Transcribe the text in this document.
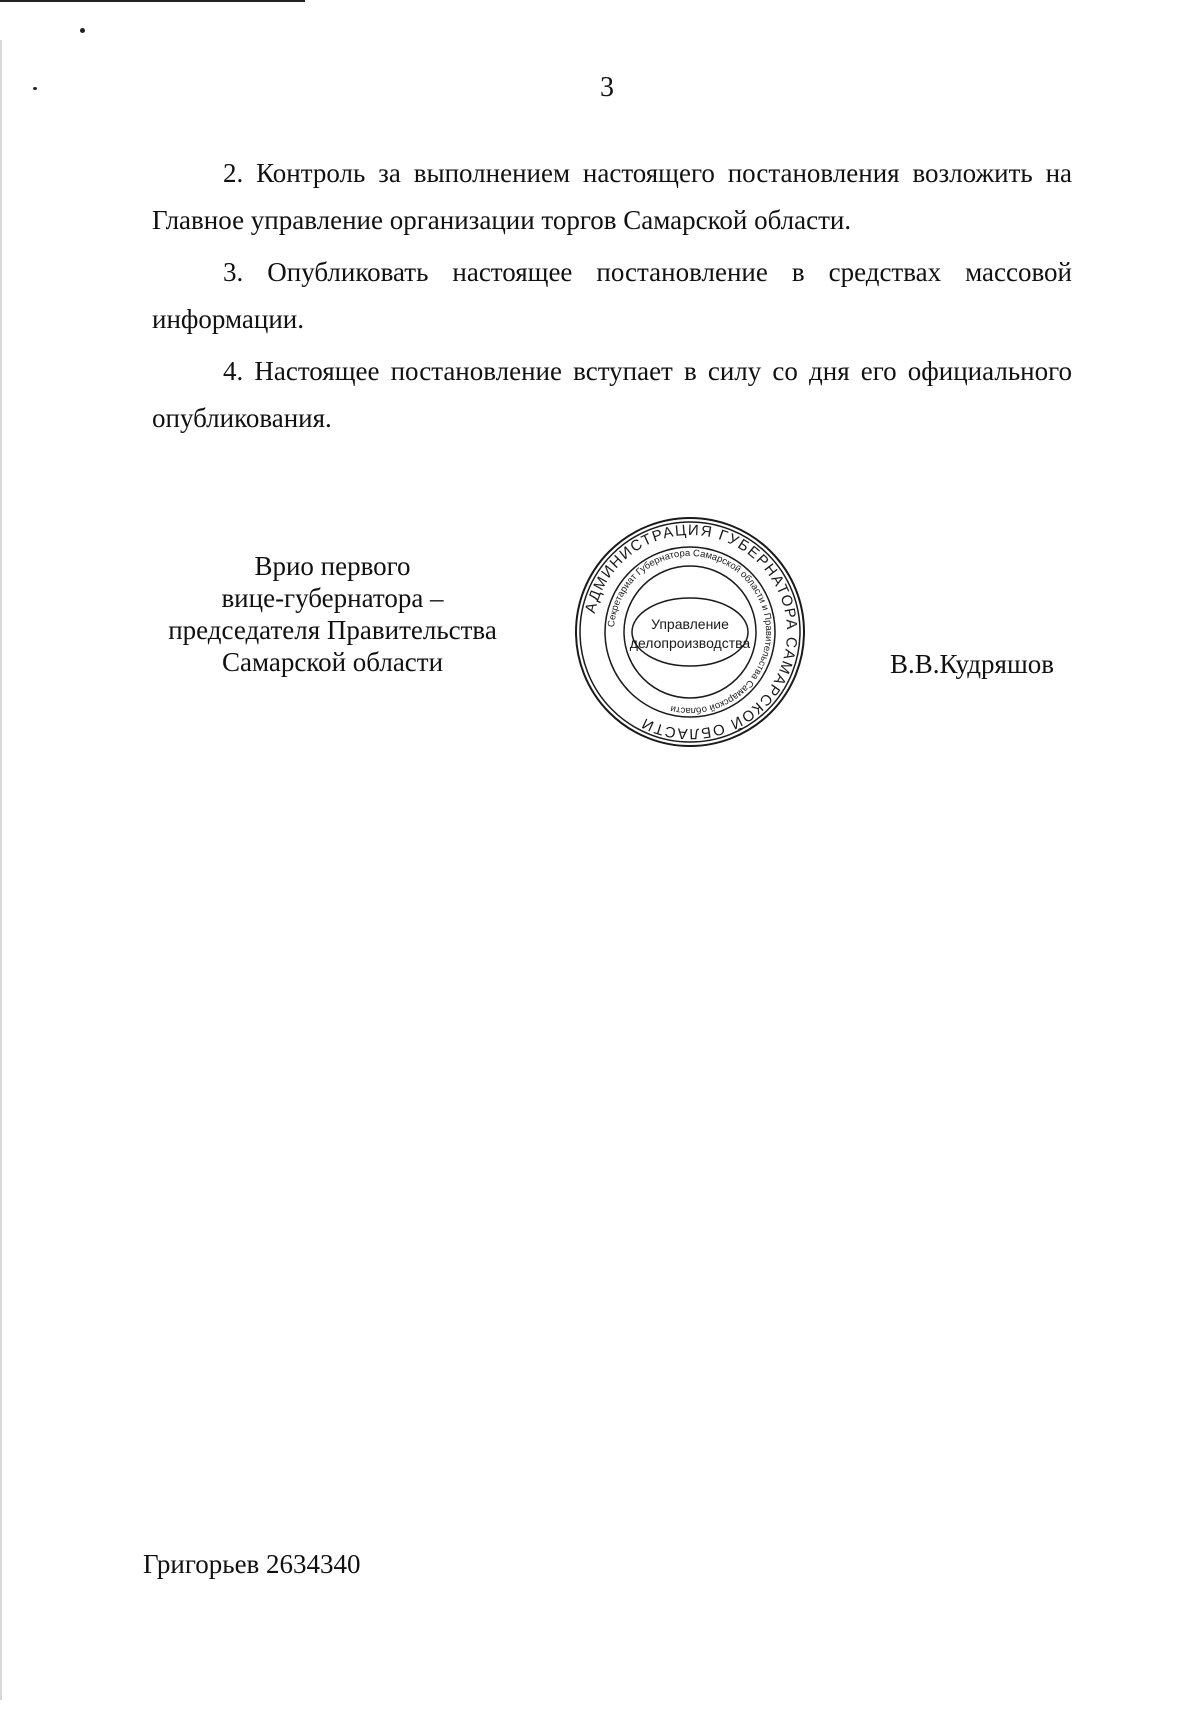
3

2. Контроль за выполнением настоящего постановления возложить на Главное управление организации торгов Самарской области.

3. Опубликовать настоящее постановление в средствах массовой информации.

4. Настоящее постановление вступает в силу со дня его официального опубликования.

Врио первого
вице-губернатора –
председателя Правительства
Самарской области
АДМИНИСТРАЦИЯ ГУБЕРНАТОРА САМАРСКОЙ ОБЛАСТИ
Секретариат Губернатора Самарской области и Правительства Самарской области
Управление
делопроизводства
В.В.Кудряшов
Григорьев 2634340
